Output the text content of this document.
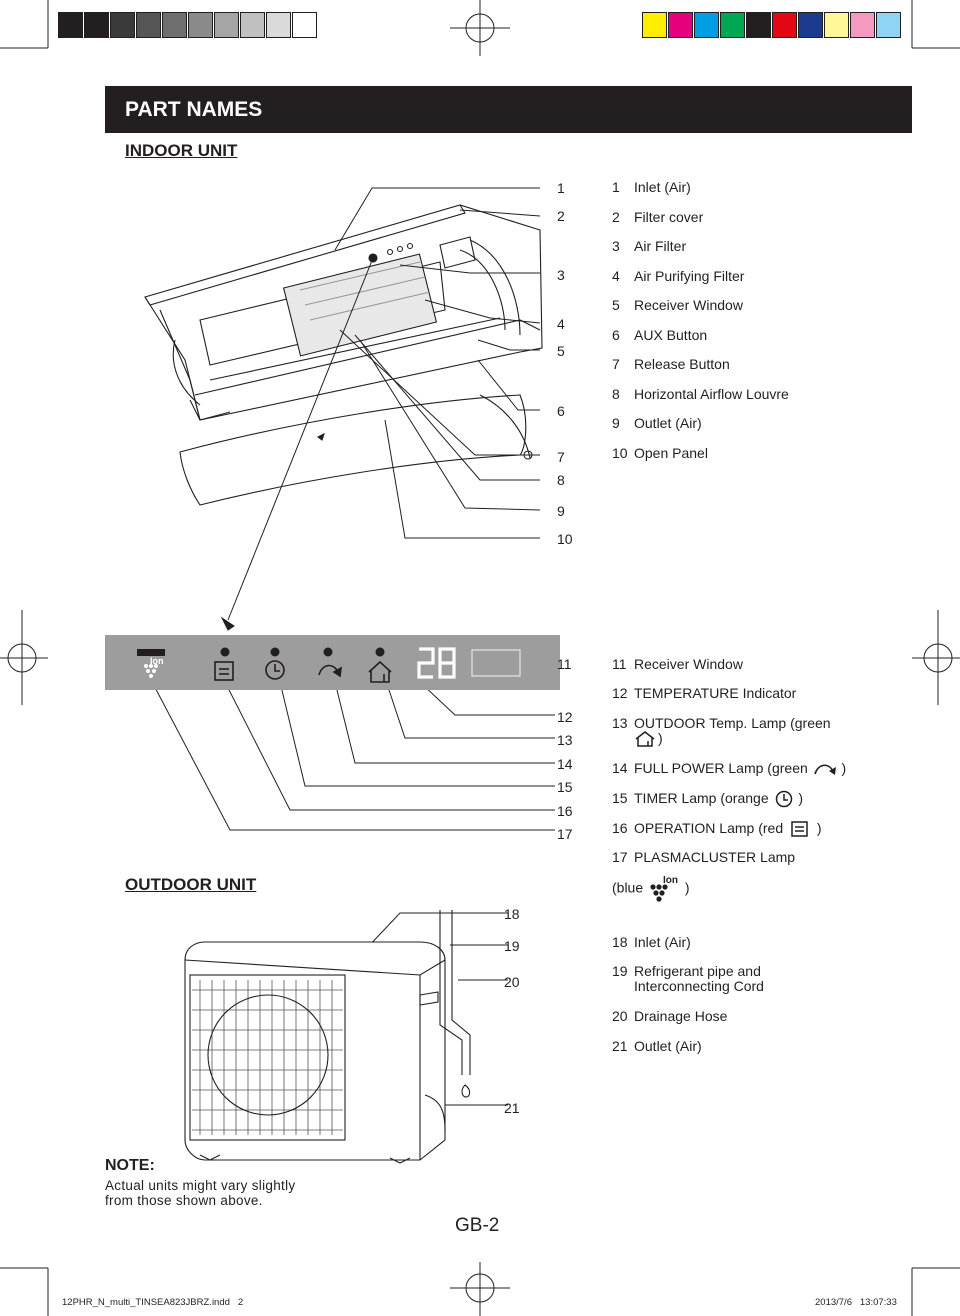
PART NAMES
INDOOR UNIT
OUTDOOR UNIT
Ion
1
2
3
4
5
6
7
8
9
10
11
12
13
14
15
16
17
18
19
20
21
1 Inlet (Air)
2 Filter cover
3 Air Filter
4 Air Purifying Filter
5 Receiver Window
6 AUX Button
7 Release Button
8 Horizontal Airflow Louvre
9 Outlet (Air)
10 Open Panel
11 Receiver Window
12 TEMPERATURE Indicator
13 OUTDOOR Temp. Lamp (green
)
14 FULL POWER Lamp (green )
15 TIMER Lamp (orange )
16 OPERATION Lamp (red )
17 PLASMACLUSTER Lamp
(blue Ion )
18 Inlet (Air)
19 Refrigerant pipe and
Interconnecting Cord
20 Drainage Hose
21 Outlet (Air)
NOTE:
Actual units might vary slightly from those shown above.
GB-2
12PHR_N_multi_TINSEA823JBRZ.indd   2	2013/7/6   13:07:33
